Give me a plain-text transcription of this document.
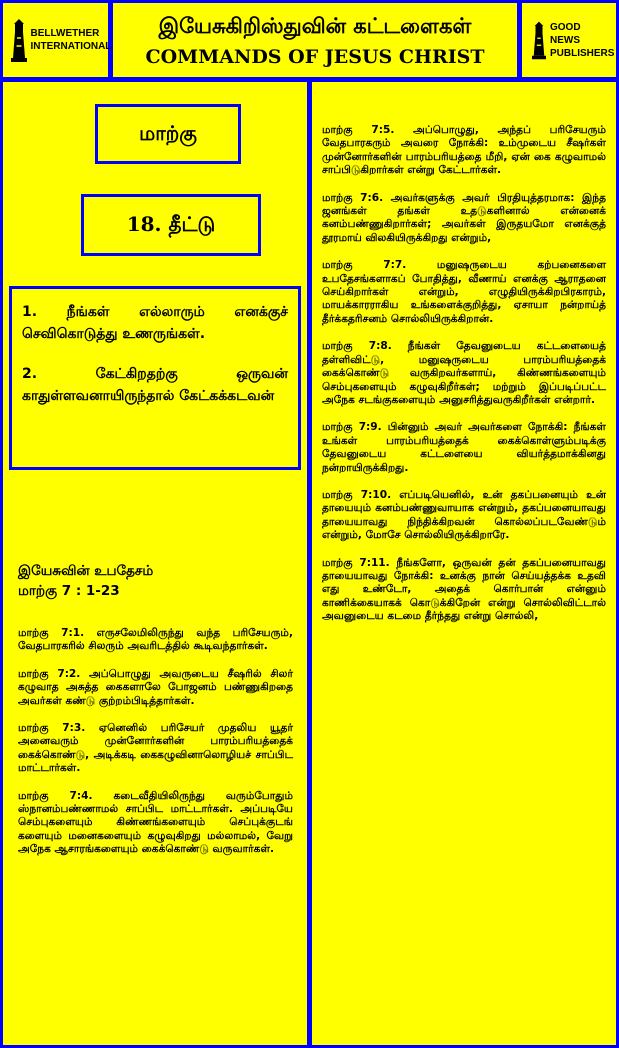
BELLWETHER INTERNATIONAL
இயேசுகிறிஸ்துவின் கட்டளைகள்
COMMANDS OF JESUS CHRIST
GOOD NEWS PUBLISHERS
மாற்கு
18. தீட்டு

1. நீங்கள் எல்லாரும் எனக்குச் செவிகொடுத்து உணருங்கள்.

2. கேட்கிறதற்கு ஒருவன் காதுள்ளவனாயிருந்தால் கேட்கக்கடவன்

இயேசுவின் உபதேசம்
மாற்கு 7 : 1-23

மாற்கு 7:1. எருசலேமிலிருந்து வந்த பரிசேயரும், வேதபாரகரில் சிலரும் அவரிடத்தில் கூடிவந்தார்கள்.

மாற்கு 7:2. அப்பொழுது அவருடைய சீஷரில் சிலர் கழுவாத அசுத்த கைகளாலே போஜனம் பண்ணுகிறதை அவர்கள் கண்டு குற்றம்பிடித்தார்கள்.

மாற்கு 7:3. ஏனெனில் பரிசேயர் முதலிய யூதர் அனைவரும் முன்னோர்களின் பாரம்பரியத்தைக் கைக்கொண்டு, அடிக்கடி கைகழுவினாலொழியச் சாப்பிட மாட்டார்கள்.

மாற்கு 7:4. கடைவீதியிலிருந்து வரும்போதும் ஸ்நானம்பண்ணாமல் சாப்பிட மாட்டார்கள். அப்படியே செம்புகளையும் கிண்ணங்களையும் செப்புக்குடங் களையும் மனைகளையும் கழுவுகிறது மல்லாமல், வேறு அநேக ஆசாரங்களையும் கைக்கொண்டு வருவார்கள்.

மாற்கு 7:5. அப்பொழுது, அந்தப் பரிசேயரும் வேதபாரகரும் அவரை நோக்கி: உம்முடைய சீஷர்கள் முன்னோர்களின் பாரம்பரியத்தை மீறி, ஏன் கை கழுவாமல் சாப்பிடுகிறார்கள் என்று கேட்டார்கள்.

மாற்கு 7:6. அவர்களுக்கு அவர் பிரதியுத்தரமாக: இந்த ஜனங்கள் தங்கள் உதடுகளினால் என்னைக் கனம்பண்ணுகிறார்கள்; அவர்கள் இருதயமோ எனக்குத் தூரமாய் விலகியிருக்கிறது என்றும்,

மாற்கு 7:7. மனுஷருடைய கற்பனைகளை உபதேசங்களாகப் போதித்து, வீணாய் எனக்கு ஆராதனை செய்கிறார்கள் என்றும், எழுதியிருக்கிறபிரகாரம், மாயக்காரராகிய உங்களைக்குறித்து, ஏசாயா நன்றாய்த் தீர்க்கதரிசனம் சொல்லியிருக்கிறான்.

மாற்கு 7:8. நீங்கள் தேவனுடைய கட்டளையைத் தள்ளிவிட்டு, மனுஷருடைய பாரம்பரியத்தைக் கைக்கொண்டு வருகிறவர்களாய், கிண்ணங்களையும் செம்புகளையும் கழுவுகிறீர்கள்; மற்றும் இப்படிப்பட்ட அநேக சடங்குகளையும் அனுசரித்துவருகிறீர்கள் என்றார்.

மாற்கு 7:9. பின்னும் அவர் அவர்களை நோக்கி: நீங்கள் உங்கள் பாரம்பரியத்தைக் கைக்கொள்ளும்படிக்கு தேவனுடைய கட்டளையை வியர்த்தமாக்கினது நன்றாயிருக்கிறது.

மாற்கு 7:10. எப்படியெனில், உன் தகப்பனையும் உன் தாயையும் கனம்பண்ணுவாயாக என்றும், தகப்பனையாவது தாயையாவது நிந்திக்கிறவன் கொல்லப்படவேண்டும் என்றும், மோசே சொல்லியிருக்கிறாரே.

மாற்கு 7:11. நீங்களோ, ஒருவன் தன் தகப்பனையாவது தாயையாவது நோக்கி: உனக்கு நான் செய்யத்தக்க உதவி எது உண்டோ, அதைக் கொர்பான் என்னும் காணிக்கையாகக் கொடுக்கிறேன் என்று சொல்லிவிட்டால் அவனுடைய கடமை தீர்ந்தது என்று சொல்லி,
